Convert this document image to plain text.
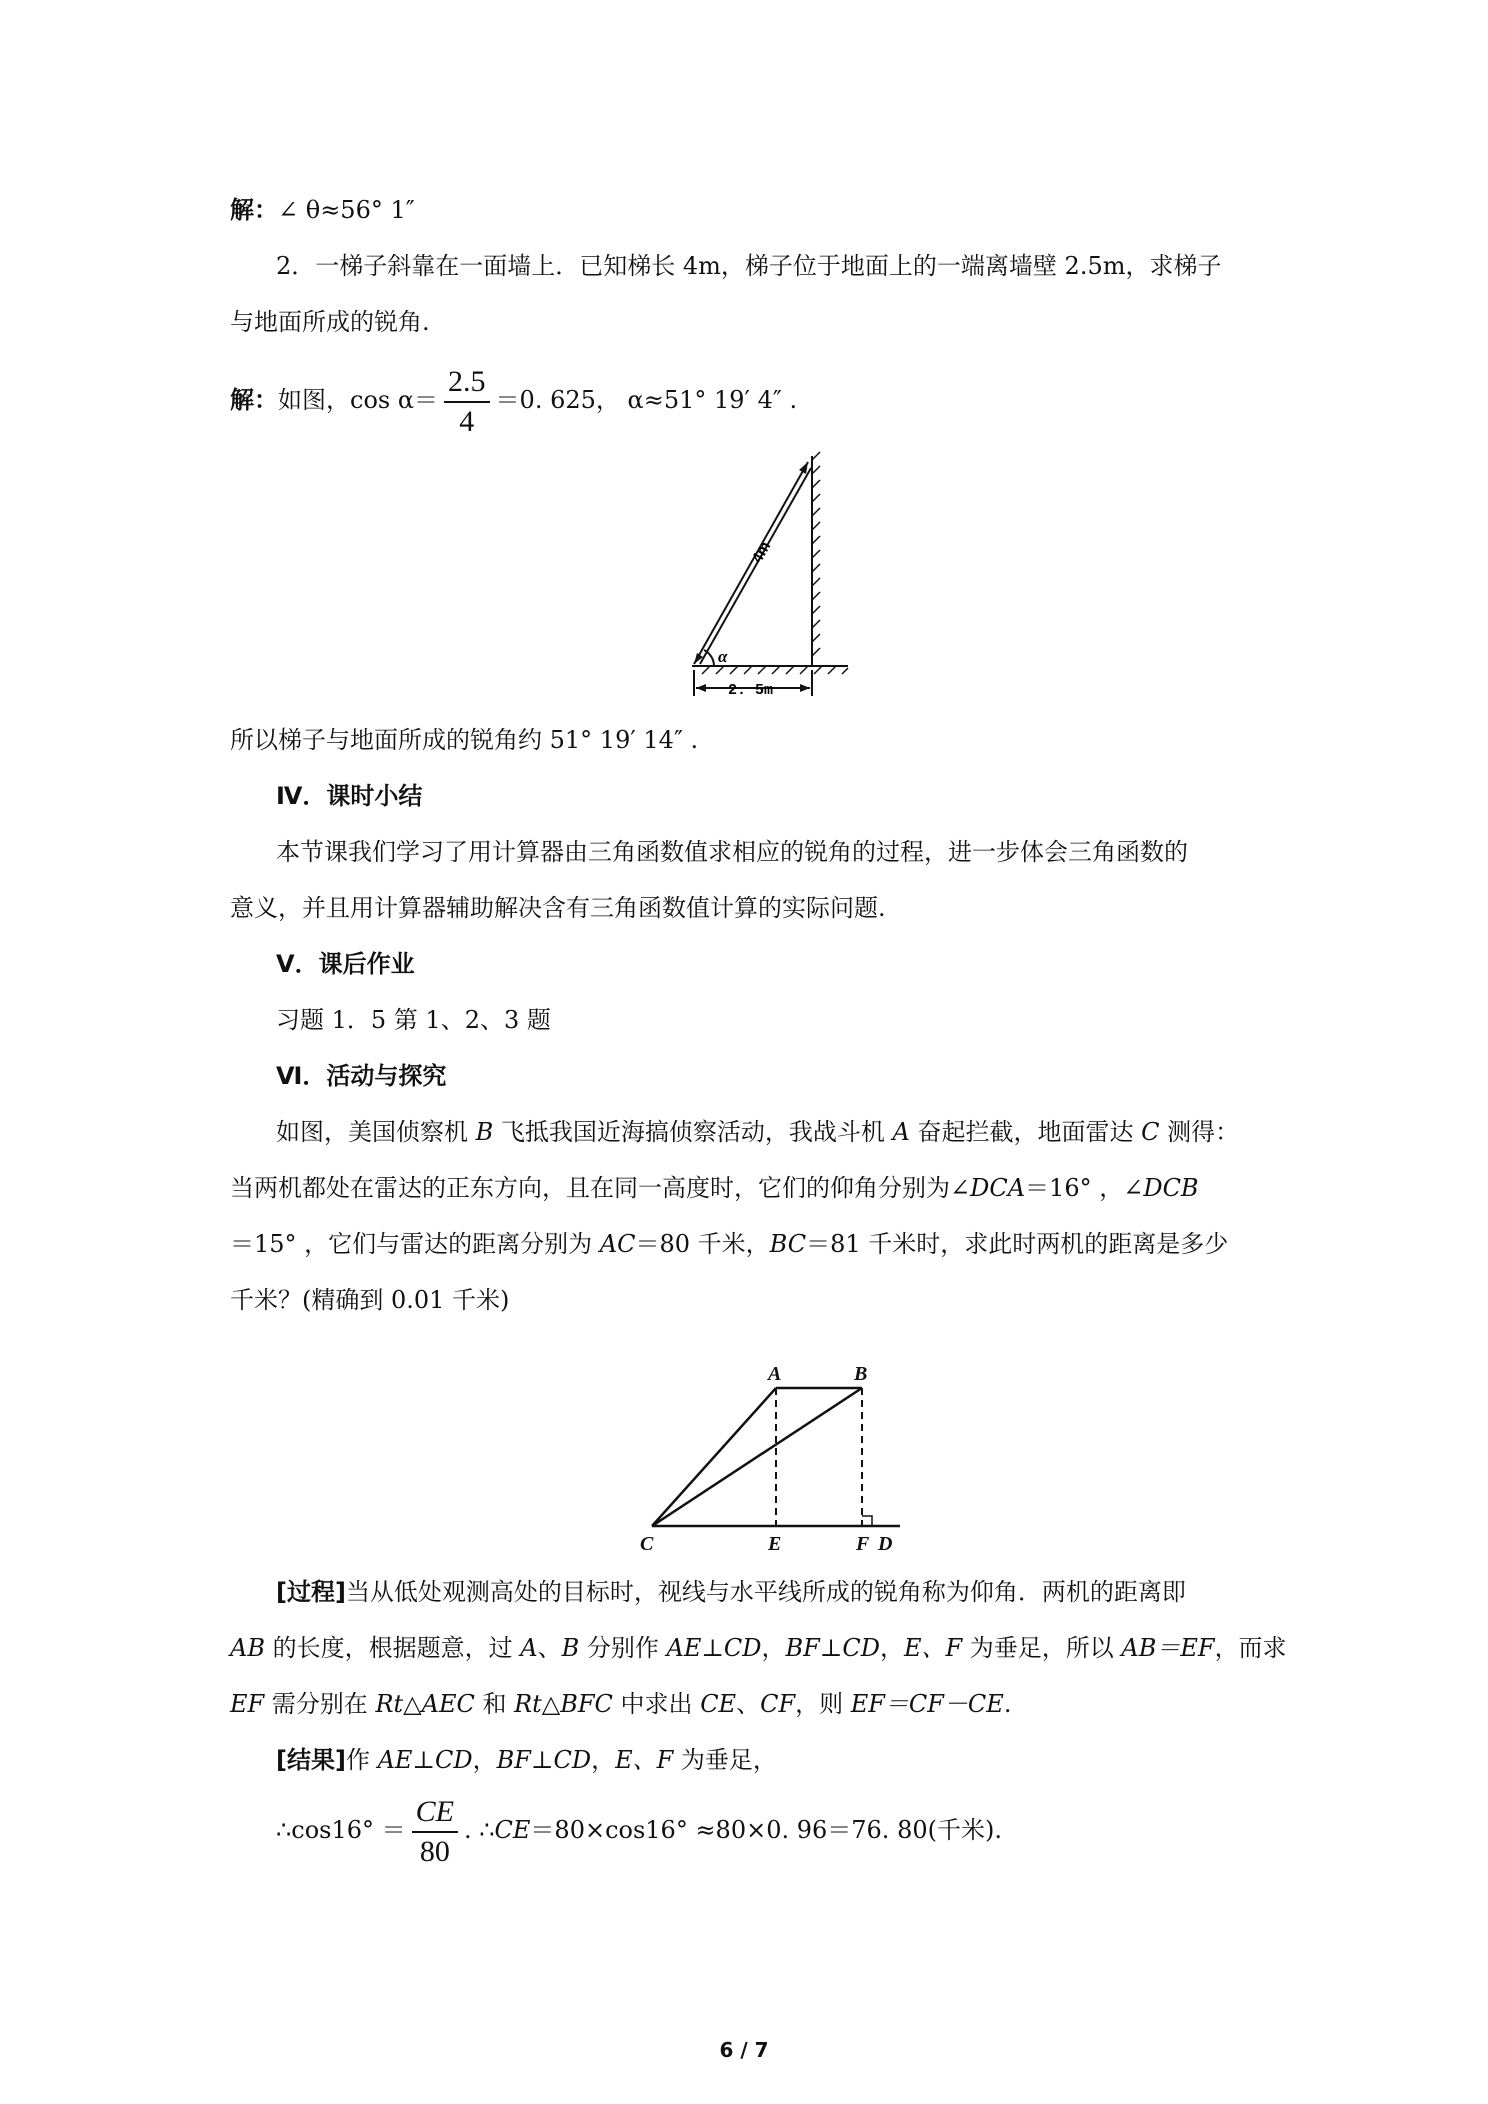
解：∠ θ≈56° 1″
2．一梯子斜靠在一面墙上．已知梯长 4m，梯子位于地面上的一端离墙壁 2.5m，求梯子
与地面所成的锐角.
解：如图，$\cos \alpha= \frac{2.5}{4} =0$. 625， α≈51° 19′ 4″ .
4m
α
2. 5m
所以梯子与地面所成的锐角约 51° 19′ 14″ .
Ⅳ．课时小结
本节课我们学习了用计算器由三角函数值求相应的锐角的过程，进一步体会三角函数的
意义，并且用计算器辅助解决含有三角函数值计算的实际问题.
Ⅴ．课后作业
习题 1．5 第 1、2、3 题
Ⅵ．活动与探究
如图，美国侦察机 B 飞抵我国近海搞侦察活动，我战斗机 A 奋起拦截，地面雷达 C 测得：
当两机都处在雷达的正东方向，且在同一高度时，它们的仰角分别为∠DCA＝16° ，∠DCB
＝15° ，它们与雷达的距离分别为 AC＝80 千米，BC＝81 千米时，求此时两机的距离是多少
千米？(精确到 0.01 千米)
A	B
C	E	F D
[过程]当从低处观测高处的目标时，视线与水平线所成的锐角称为仰角．两机的距离即
AB 的长度，根据题意，过 A、B 分别作 AE⊥CD，BF⊥CD，E、F 为垂足，所以 AB＝EF，而求
EF 需分别在 Rt△AEC 和 Rt△BFC 中求出 CE、CF，则 EF＝CF－CE.
[结果]作 AE⊥CD，BF⊥CD，E、F 为垂足，
∴cos16° ＝ $\frac{CE}{80}$ . ∴CE＝80×cos16° ≈80×0. 96＝76. 80(千米).
6 / 7
